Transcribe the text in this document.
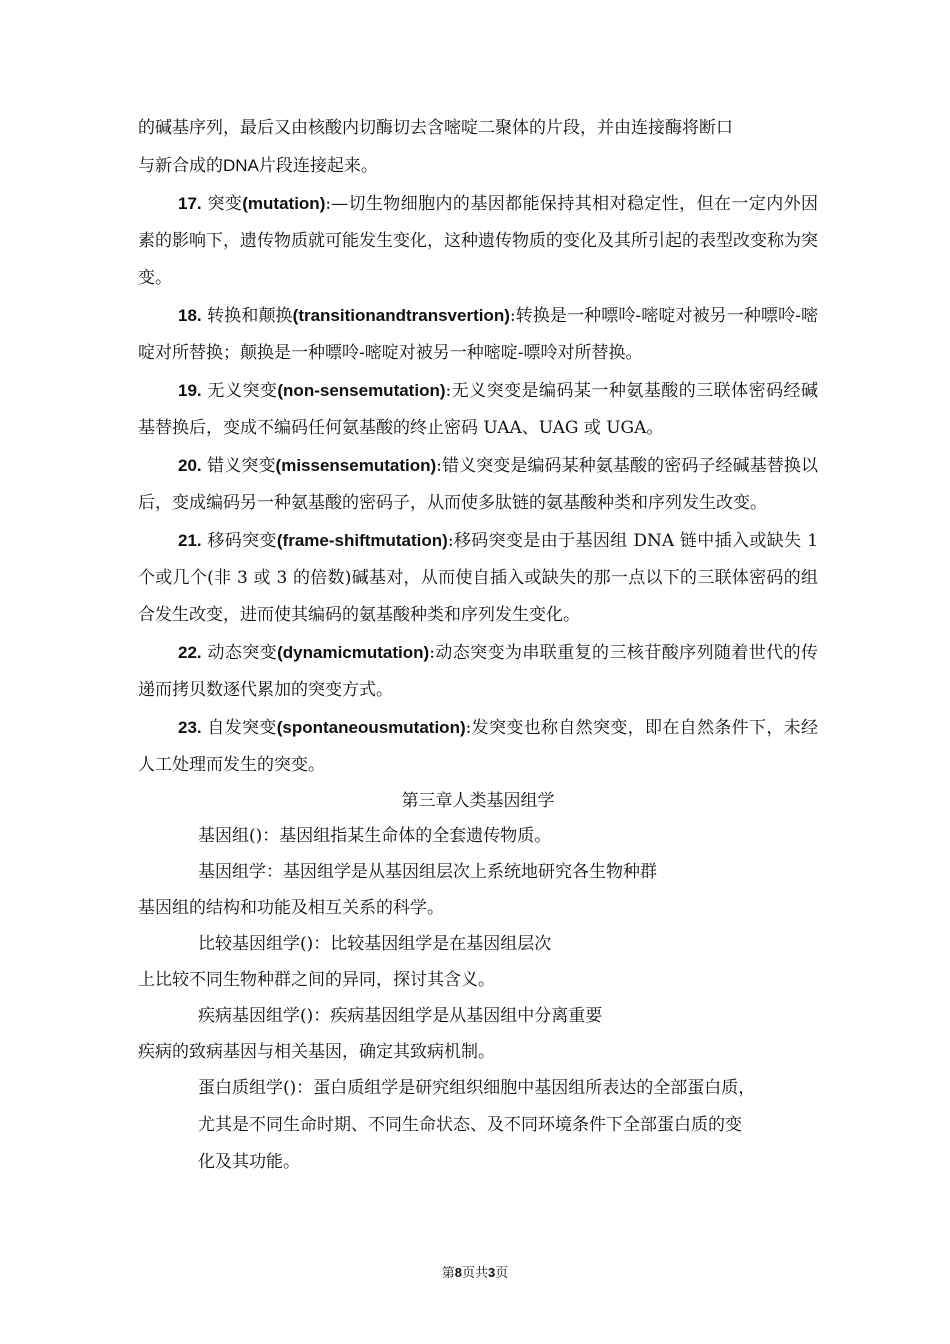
的碱基序列，最后又由核酸内切酶切去含嘧啶二聚体的片段，并由连接酶将断口
与新合成的DNA片段连接起来。

17. 突变(mutation):—切生物细胞内的基因都能保持其相对稳定性，但在一定内外因素的影响下，遗传物质就可能发生变化，这种遗传物质的变化及其所引起的表型改变称为突变。

18. 转换和颠换(transitionandtransvertion):转换是一种嘌呤-嘧啶对被另一种嘌呤-嘧啶对所替换；颠换是一种嘌呤-嘧啶对被另一种嘧啶-嘌呤对所替换。

19. 无义突变(non-sensemutation):无义突变是编码某一种氨基酸的三联体密码经碱基替换后，变成不编码任何氨基酸的终止密码 UAA、UAG 或 UGA。

20. 错义突变(missensemutation):错义突变是编码某种氨基酸的密码子经碱基替换以后，变成编码另一种氨基酸的密码子，从而使多肽链的氨基酸种类和序列发生改变。

21. 移码突变(frame-shiftmutation):移码突变是由于基因组 DNA 链中插入或缺失 1 个或几个(非 3 或 3 的倍数)碱基对，从而使自插入或缺失的那一点以下的三联体密码的组合发生改变，进而使其编码的氨基酸种类和序列发生变化。

22. 动态突变(dynamicmutation):动态突变为串联重复的三核苷酸序列随着世代的传递而拷贝数逐代累加的突变方式。

23. 自发突变(spontaneousmutation):发突变也称自然突变，即在自然条件下，未经人工处理而发生的突变。

第三章人类基因组学

基因组()：基因组指某生命体的全套遗传物质。

基因组学：基因组学是从基因组层次上系统地研究各生物种群

基因组的结构和功能及相互关系的科学。

比较基因组学()：比较基因组学是在基因组层次

上比较不同生物种群之间的异同，探讨其含义。

疾病基因组学()：疾病基因组学是从基因组中分离重要

疾病的致病基因与相关基因，确定其致病机制。

蛋白质组学()：蛋白质组学是研究组织细胞中基因组所表达的全部蛋白质，

尤其是不同生命时期、不同生命状态、及不同环境条件下全部蛋白质的变

化及其功能。

第8页共3页
